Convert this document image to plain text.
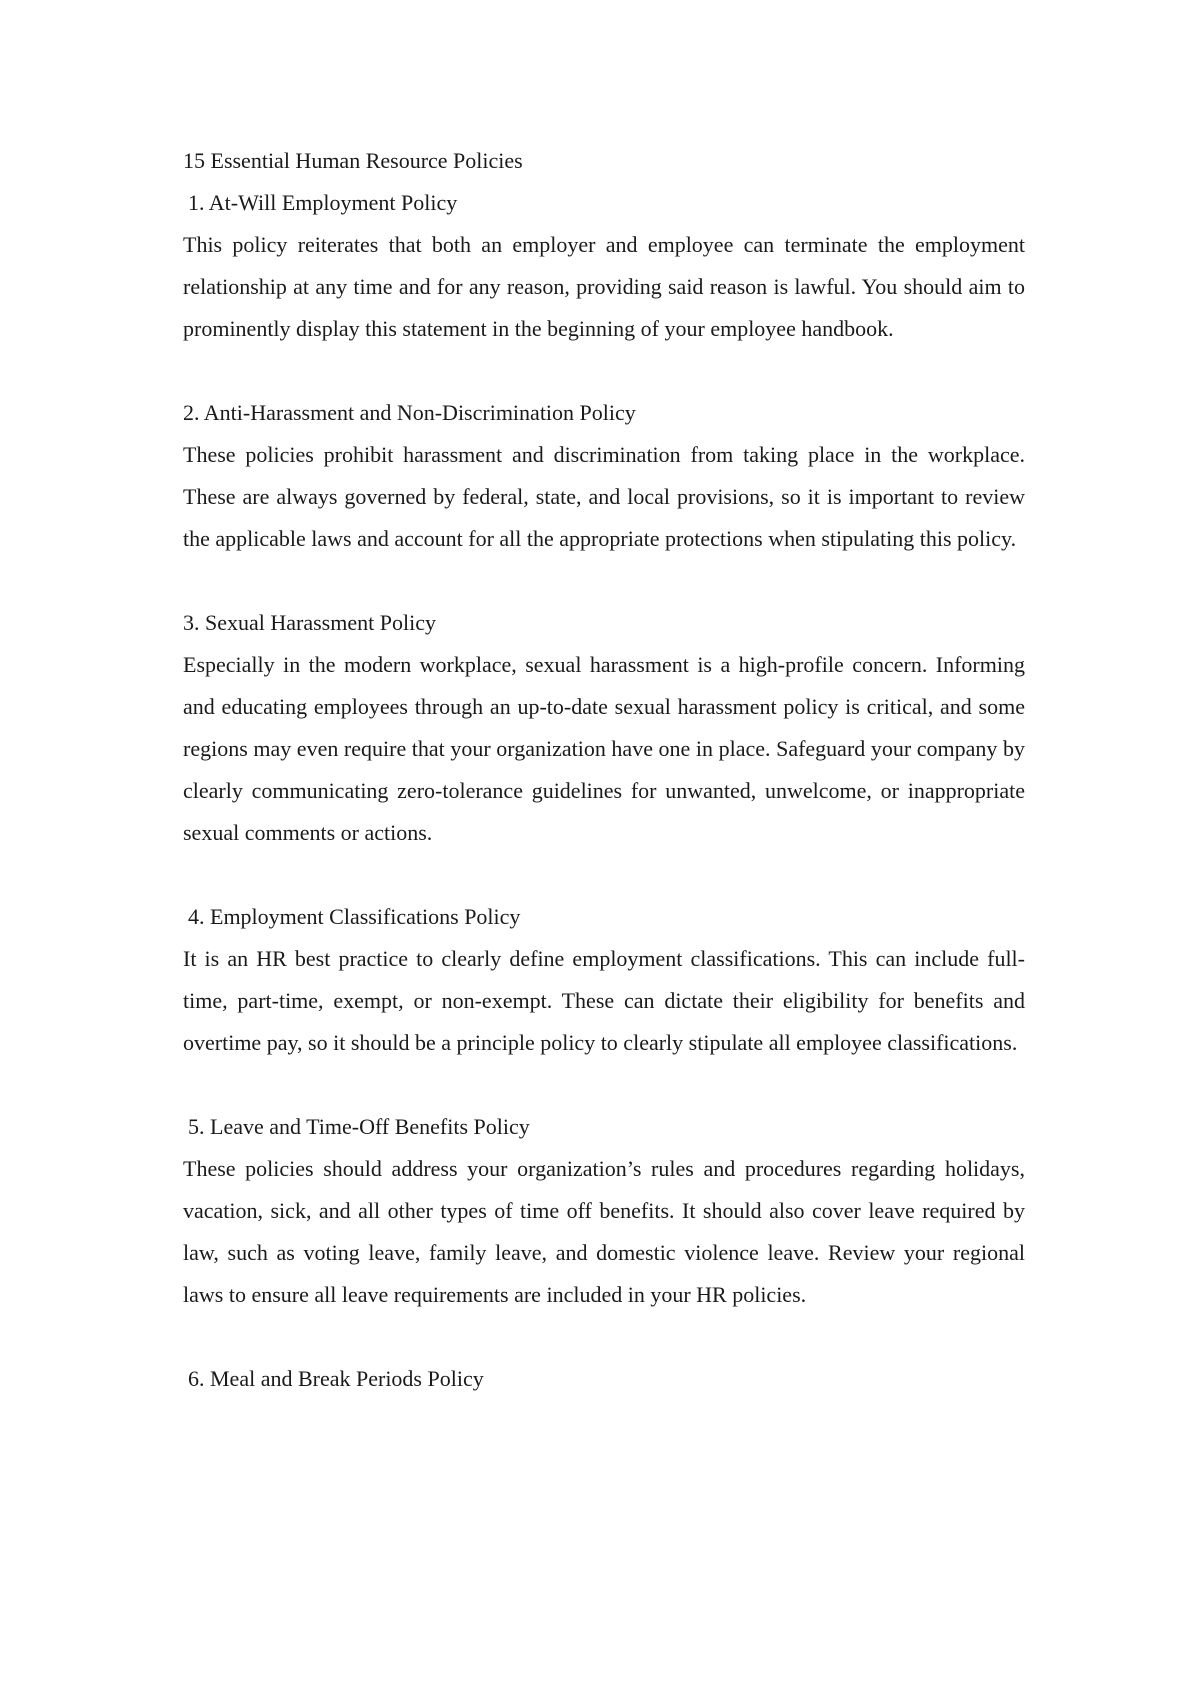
15 Essential Human Resource Policies
1. At-Will Employment Policy

This policy reiterates that both an employer and employee can terminate the employment relationship at any time and for any reason, providing said reason is lawful. You should aim to prominently display this statement in the beginning of your employee handbook.

2. Anti-Harassment and Non-Discrimination Policy

These policies prohibit harassment and discrimination from taking place in the workplace. These are always governed by federal, state, and local provisions, so it is important to review the applicable laws and account for all the appropriate protections when stipulating this policy.

3. Sexual Harassment Policy

Especially in the modern workplace, sexual harassment is a high-profile concern. Informing and educating employees through an up-to-date sexual harassment policy is critical, and some regions may even require that your organization have one in place. Safeguard your company by clearly communicating zero-tolerance guidelines for unwanted, unwelcome, or inappropriate sexual comments or actions.

4. Employment Classifications Policy

It is an HR best practice to clearly define employment classifications. This can include full-time, part-time, exempt, or non-exempt. These can dictate their eligibility for benefits and overtime pay, so it should be a principle policy to clearly stipulate all employee classifications.

5. Leave and Time-Off Benefits Policy

These policies should address your organization’s rules and procedures regarding holidays, vacation, sick, and all other types of time off benefits. It should also cover leave required by law, such as voting leave, family leave, and domestic violence leave. Review your regional laws to ensure all leave requirements are included in your HR policies.

6. Meal and Break Periods Policy
